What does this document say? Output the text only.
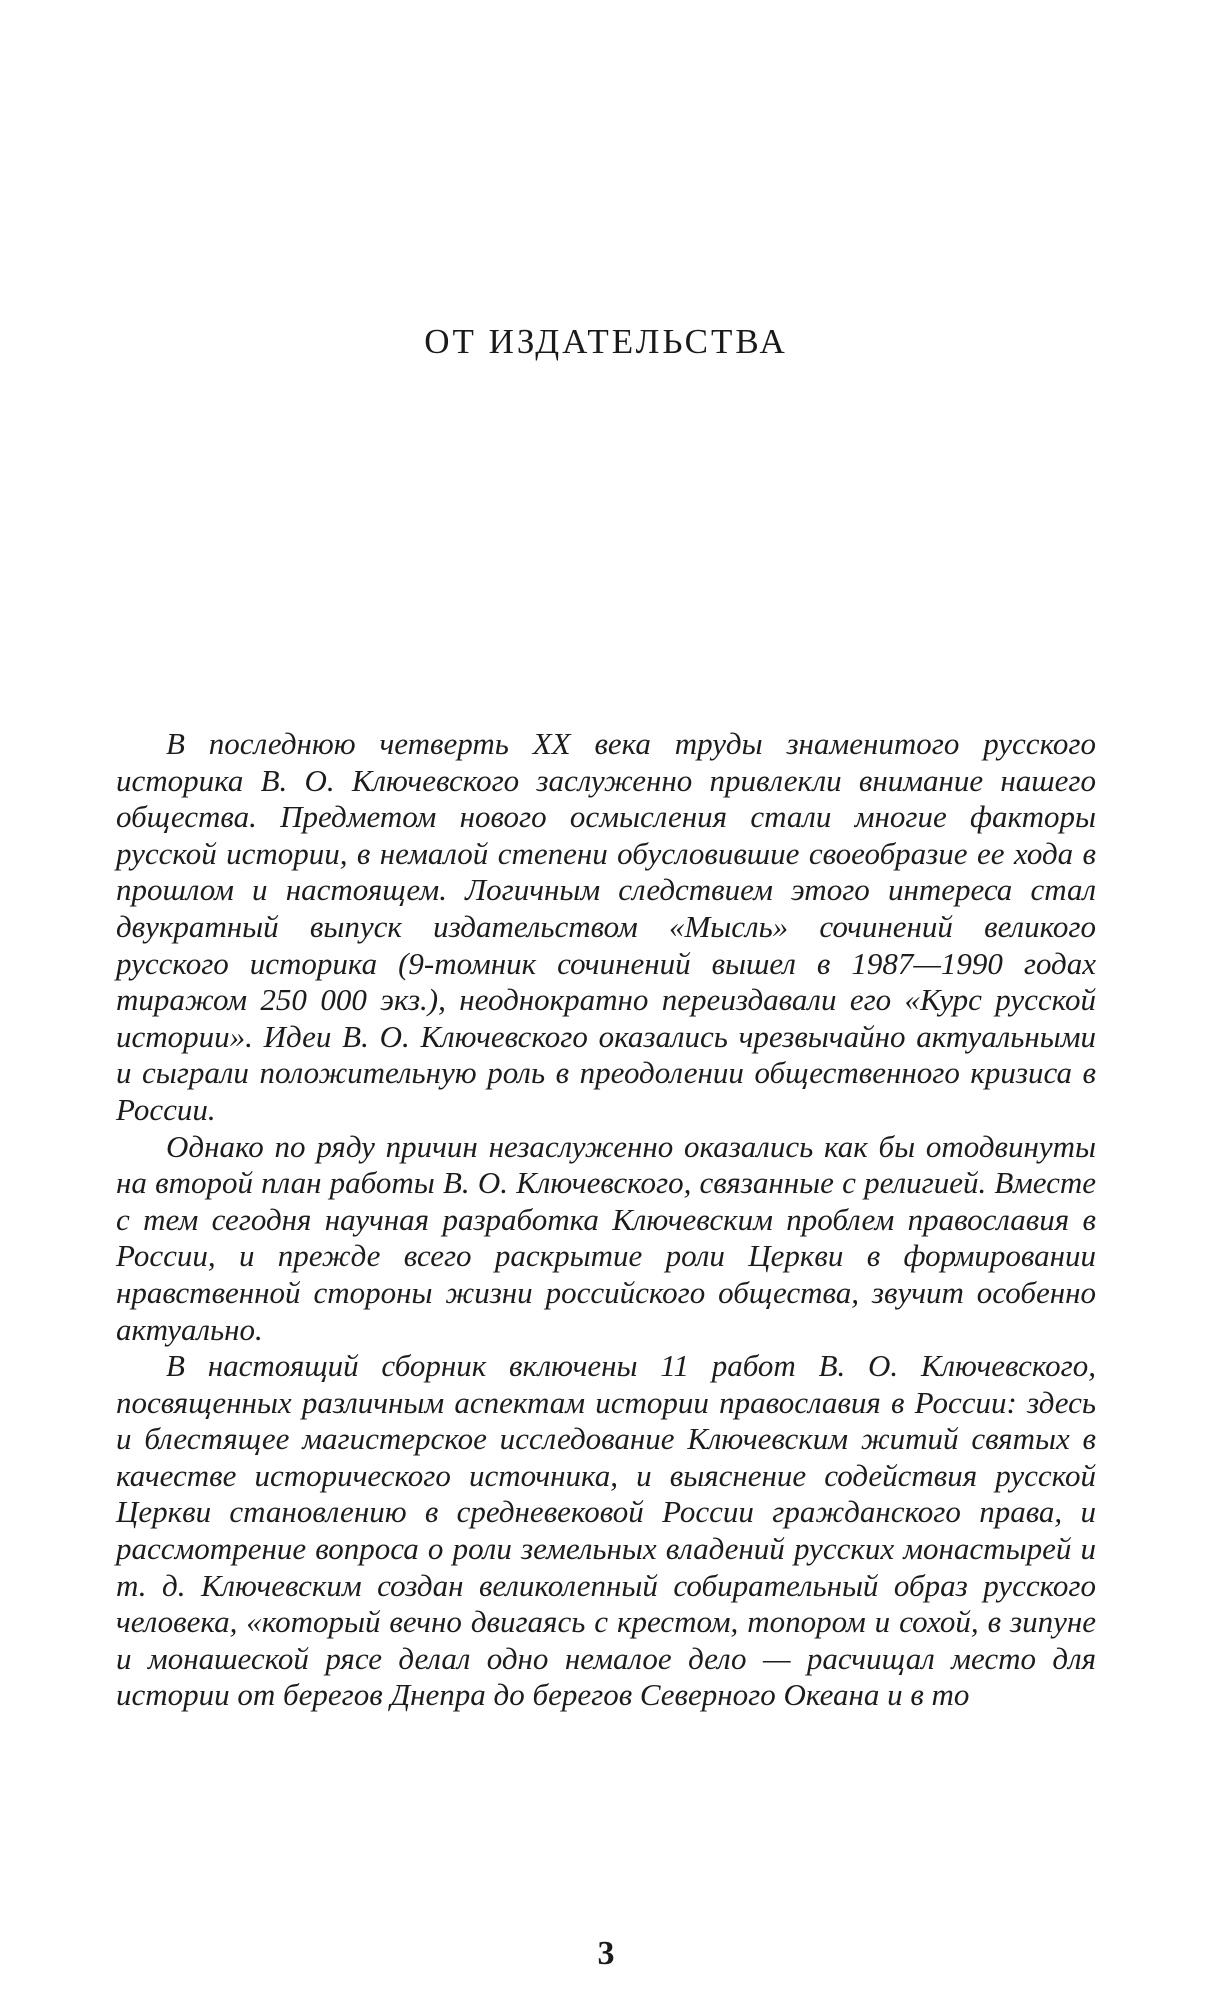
ОТ ИЗДАТЕЛЬСТВА

В последнюю четверть XX века труды знаменитого русского историка В. О. Ключевского заслуженно привлекли внимание нашего общества. Предметом нового осмысления стали многие факторы русской истории, в немалой степени обусловившие своеобразие ее хода в прошлом и настоящем. Логичным следствием этого интереса стал двукратный выпуск издательством «Мысль» сочинений великого русского историка (9-томник сочинений вышел в 1987—1990 годах тиражом 250 000 экз.), неоднократно переиздавали его «Курс русской истории». Идеи В. О. Ключевского оказались чрезвычайно актуальными и сыграли положительную роль в преодолении общественного кризиса в России.

Однако по ряду причин незаслуженно оказались как бы отодвинуты на второй план работы В. О. Ключевского, связанные с религией. Вместе с тем сегодня научная разработка Ключевским проблем православия в России, и прежде всего раскрытие роли Церкви в формировании нравственной стороны жизни российского общества, звучит особенно актуально.

В настоящий сборник включены 11 работ В. О. Ключевского, посвященных различным аспектам истории православия в России: здесь и блестящее магистерское исследование Ключевским житий святых в качестве исторического источника, и выяснение содействия русской Церкви становлению в средневековой России гражданского права, и рассмотрение вопроса о роли земельных владений русских монастырей и т. д. Ключевским создан великолепный собирательный образ русского человека, «который вечно двигаясь с крестом, топором и сохой, в зипуне и монашеской рясе делал одно немалое дело — расчищал место для истории от берегов Днепра до берегов Северного Океана и в то

3
